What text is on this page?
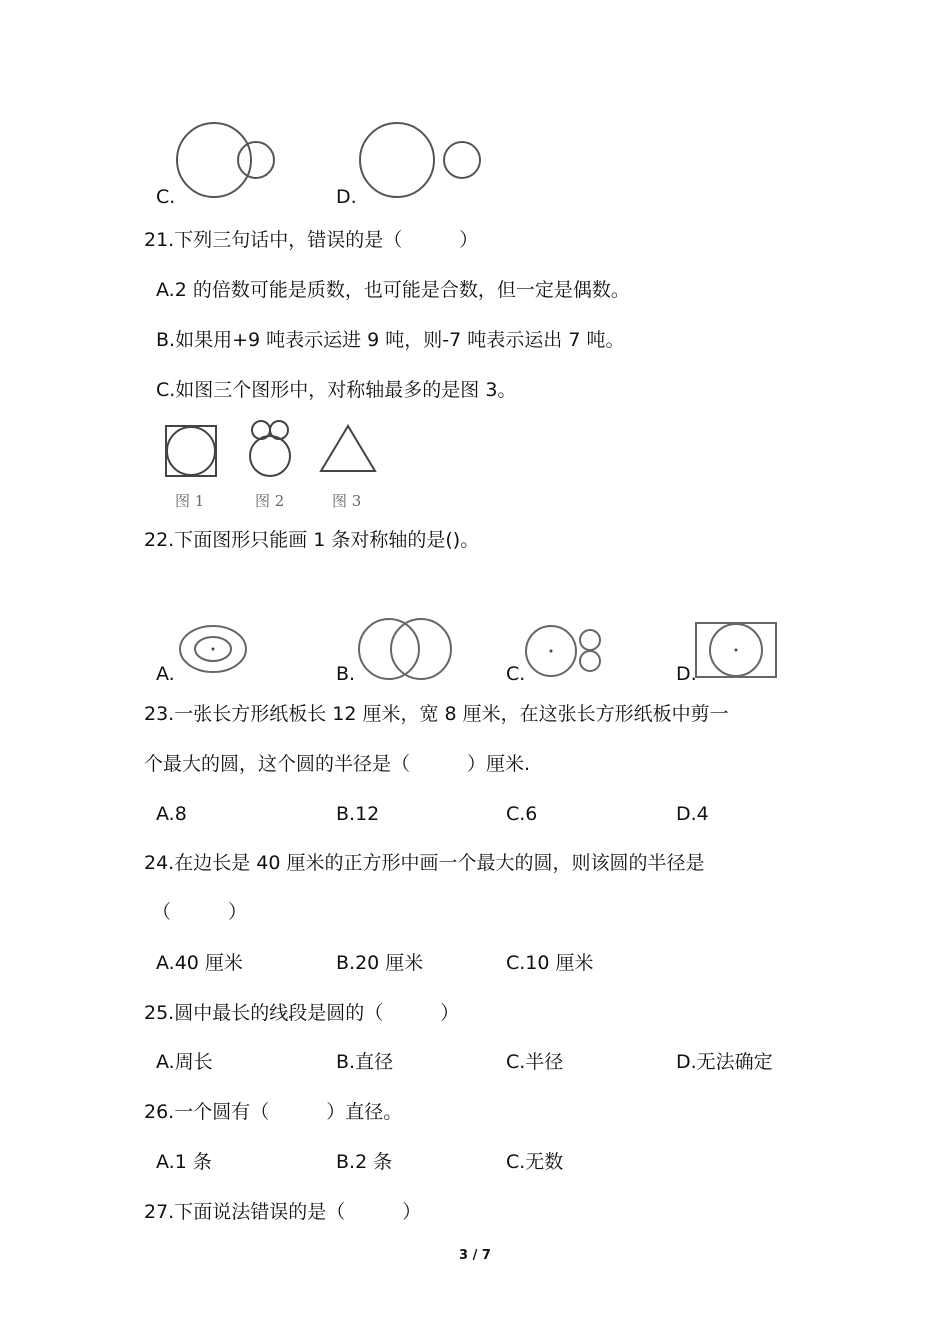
C.	D.
21.下列三句话中，错误的是（　　　）
A.2 的倍数可能是质数，也可能是合数，但一定是偶数。
B.如果用+9 吨表示运进 9 吨，则-7 吨表示运出 7 吨。
C.如图三个图形中，对称轴最多的是图 3。
图 1	图 2	图 3
22.下面图形只能画 1 条对称轴的是()。
A.	B.	C.	D.
23.一张长方形纸板长 12 厘米，宽 8 厘米，在这张长方形纸板中剪一
个最大的圆，这个圆的半径是（　　　）厘米.
A.8	B.12	C.6	D.4
24.在边长是 40 厘米的正方形中画一个最大的圆，则该圆的半径是
（　　　）
A.40 厘米	B.20 厘米	C.10 厘米
25.圆中最长的线段是圆的（　　　）
A.周长	B.直径	C.半径	D.无法确定
26.一个圆有（　　　）直径。
A.1 条	B.2 条	C.无数
27.下面说法错误的是（　　　）
3 / 7
